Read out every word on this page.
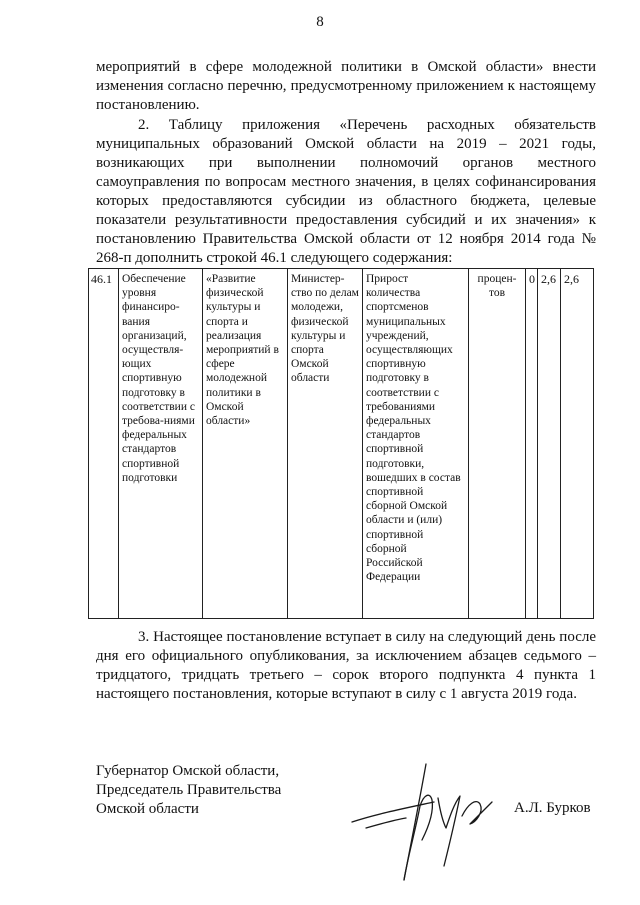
8

мероприятий в сфере молодежной политики в Омской области» внести изменения согласно перечню, предусмотренному приложением к настоящему постановлению.

2. Таблицу приложения «Перечень расходных обязательств муниципальных образований Омской области на 2019 – 2021 годы, возникающих при выполнении полномочий органов местного самоуправления по вопросам местного значения, в целях софинансирования которых предоставляются субсидии из областного бюджета, целевые показатели результативности предоставления субсидий и их значения» к постановлению Правительства Омской области от 12 ноября 2014 года № 268-п дополнить строкой 46.1 следующего содержания:

46.1	Обеспечение уровня финансиро-вания организаций, осуществля-ющих спортивную подготовку в соответствии с требова-ниями федеральных стандартов спортивной подготовки	«Развитие физической культуры и спорта и реализация мероприятий в сфере молодежной политики в Омской области»	Министер-ство по делам молодежи, физической культуры и спорта Омской области	Прирост количества спортсменов муниципальных учреждений, осуществляющих спортивную подготовку в соответствии с требованиями федеральных стандартов спортивной подготовки, вошедших в состав спортивной сборной Омской области и (или) спортивной сборной Российской Федерации	процен-тов	0	2,6	2,6

3. Настоящее постановление вступает в силу на следующий день после дня его официального опубликования, за исключением абзацев седьмого – тридцатого, тридцать третьего – сорок второго подпункта 4 пункта 1 настоящего постановления, которые вступают в силу с 1 августа 2019 года.

Губернатор Омской области,
Председатель Правительства
Омской области	А.Л. Бурков
